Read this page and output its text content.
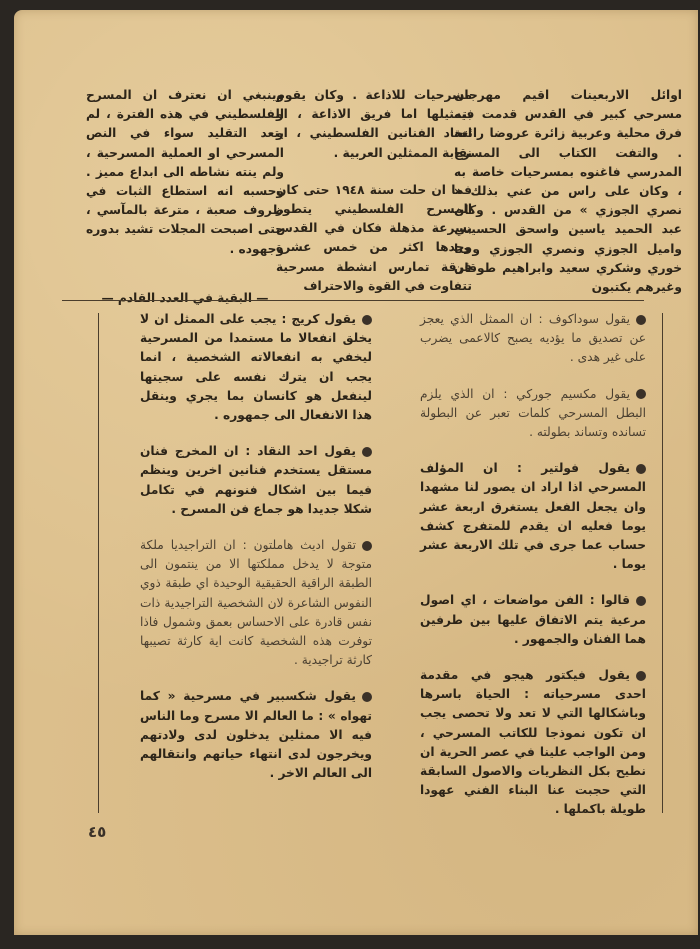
اوائل الاربعينات اقيم مهرجان مسرحي كبير في القدس قدمت فيه فرق محلية وعربية زائرة عروضا رائعة . والتفت الكتاب الى المسرح المدرسي فاغنوه بمسرحيات خاصة به ، وكان على راس من عني بذلك « نصري الجوزي » من القدس . وكان عبد الحميد ياسين واسحق الحسيني واميل الجوزي ونصري الجوزي وحنا خوري وشكري سعيد وابراهيم طوقان وغيرهم يكتبون

مسرحيات للاذاعة . وكان يقوم بتمثيلها اما فريق الاذاعة ، او اتحاد الفنانين الفلسطيني ، او نقابة الممثلين العربية .

فما ان حلت سنة ١٩٤٨ حتى كان المسرح الفلسطيني يتطور بسرعة مذهلة فكان في القدس وحدها اكثر من خمس عشرة فرقة تمارس انشطة مسرحية تتفاوت في القوة والاحتراف

وينبغي ان نعترف ان المسرح الفلسطيني في هذه الفترة ، لم يتعد التقليد سواء في النص المسرحي او العملية المسرحية ، ولم ينته نشاطه الى ابداع مميز . وحسبه انه استطاع الثبات في ظروف صعبة ، مترعة بالمآسي ، حتى اصبحت المجلات تشيد بدوره وجهوده .

— البقية في العدد القادم —

يقول سوداكوف : ان الممثل الذي يعجز عن تصديق ما يؤديه يصبح كالاعمى يضرب على غير هدى .

يقول مكسيم جوركي : ان الذي يلزم البطل المسرحي كلمات تعبر عن البطولة تسانده وتساند بطولته .

يقول فولتير : ان المؤلف المسرحي اذا اراد ان يصور لنا مشهدا وان يجعل الفعل يستغرق اربعة عشر يوما فعليه ان يقدم للمتفرج كشف حساب عما جرى في تلك الاربعة عشر يوما .

قالوا : الفن مواضعات ، اي اصول مرعية يتم الاتفاق عليها بين طرفين هما الفنان والجمهور .

يقول فيكتور هيجو في مقدمة احدى مسرحياته : الحياة باسرها وباشكالها التي لا تعد ولا تحصى يجب ان تكون نموذجا للكاتب المسرحي ، ومن الواجب علينا في عصر الحرية ان نطيح بكل النظريات والاصول السابقة التي حجبت عنا البناء الفني عهودا طويلة باكملها .

يقول كريج : يجب على الممثل ان لا يخلق انفعالا ما مستمدا من المسرحية ليخفي به انفعالاته الشخصية ، انما يجب ان يترك نفسه على سجيتها لينفعل هو كانسان بما يجري وينقل هذا الانفعال الى جمهوره .

يقول احد النقاد : ان المخرج فنان مستقل يستخدم فنانين اخرين وينظم فيما بين اشكال فنونهم في تكامل شكلا جديدا هو جماع فن المسرح .

تقول اديث هاملتون : ان التراجيديا ملكة متوجة لا يدخل مملكتها الا من ينتمون الى الطبقة الراقية الحقيقية الوحيدة اي طبقة ذوي النفوس الشاعرة لان الشخصية التراجيدية ذات نفس قادرة على الاحساس بعمق وشمول فاذا توفرت هذه الشخصية كانت اية كارثة تصيبها كارثة تراجيدية .

يقول شكسبير في مسرحية « كما تهواه » : ما العالم الا مسرح وما الناس فيه الا ممثلين يدخلون لدى ولادتهم ويخرجون لدى انتهاء حياتهم وانتقالهم الى العالم الاخر .

٤٥
